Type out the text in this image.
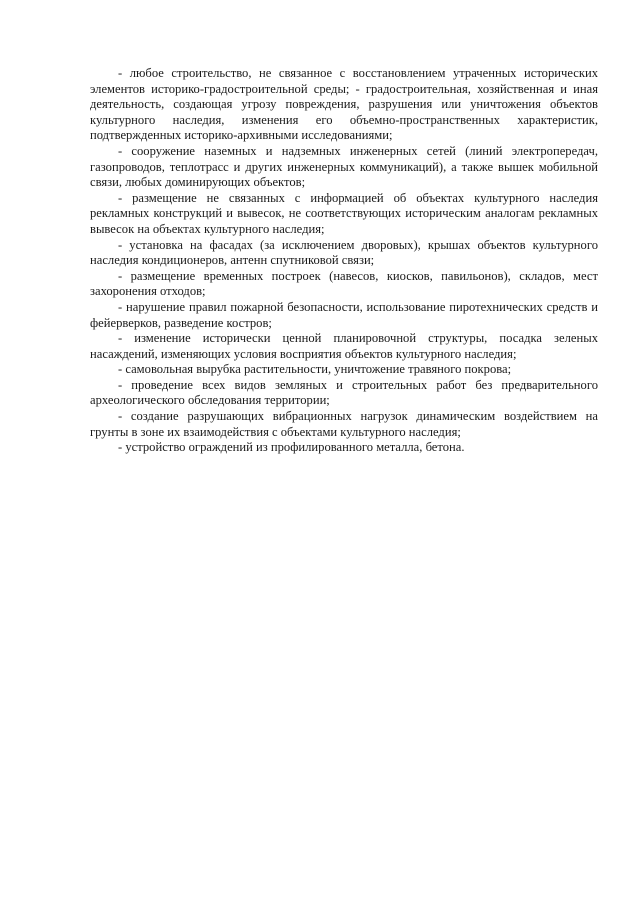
- любое строительство, не связанное с восстановлением утраченных исторических элементов историко-градостроительной среды; - градостроительная, хозяйственная и иная деятельность, создающая угрозу повреждения, разрушения или уничтожения объектов культурного наследия, изменения его объемно-пространственных характеристик, подтвержденных историко-архивными исследованиями;

- сооружение наземных и надземных инженерных сетей (линий электропередач, газопроводов, теплотрасс и других инженерных коммуникаций), а также вышек мобильной связи, любых доминирующих объектов;

- размещение не связанных с информацией об объектах культурного наследия рекламных конструкций и вывесок, не соответствующих историческим аналогам рекламных вывесок на объектах культурного наследия;

- установка на фасадах (за исключением дворовых), крышах объектов культурного наследия кондиционеров, антенн спутниковой связи;

- размещение временных построек (навесов, киосков, павильонов), складов, мест захоронения отходов;

- нарушение правил пожарной безопасности, использование пиротехнических средств и фейерверков, разведение костров;

- изменение исторически ценной планировочной структуры, посадка зеленых насаждений, изменяющих условия восприятия объектов культурного наследия;

- самовольная вырубка растительности, уничтожение травяного покрова;

- проведение всех видов земляных и строительных работ без предварительного археологического обследования территории;

- создание разрушающих вибрационных нагрузок динамическим воздействием на грунты в зоне их взаимодействия с объектами культурного наследия;

- устройство ограждений из профилированного металла, бетона.
